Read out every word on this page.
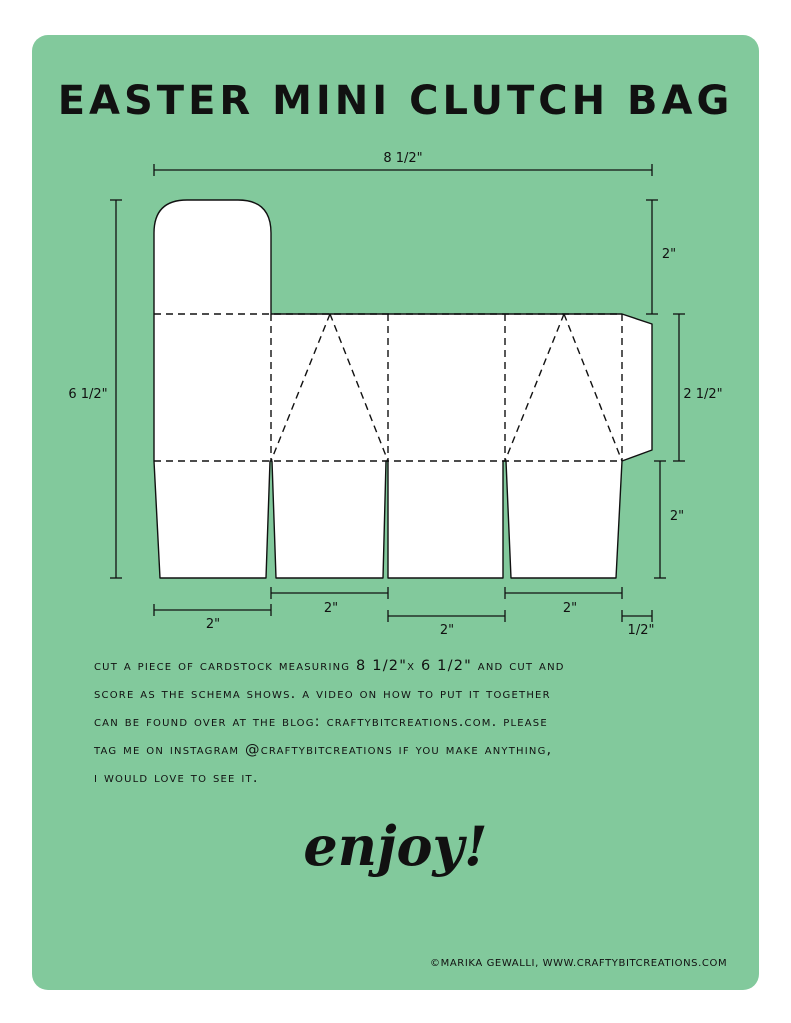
EASTER MINI CLUTCH BAG
8 1/2"
6 1/2"
2"
2 1/2"
2"
2"
2"
2"
2"
1/2"
cut a piece of cardstock measuring 8 1/2"x 6 1/2" and cut and
score as the schema shows. a video on how to put it together
can be found over at the blog: craftybitcreations.com. please
tag me on instagram @craftybitcreations if you make anything,
i would love to see it.
enjoy!
©MARIKA GEWALLI, WWW.CRAFTYBITCREATIONS.COM
